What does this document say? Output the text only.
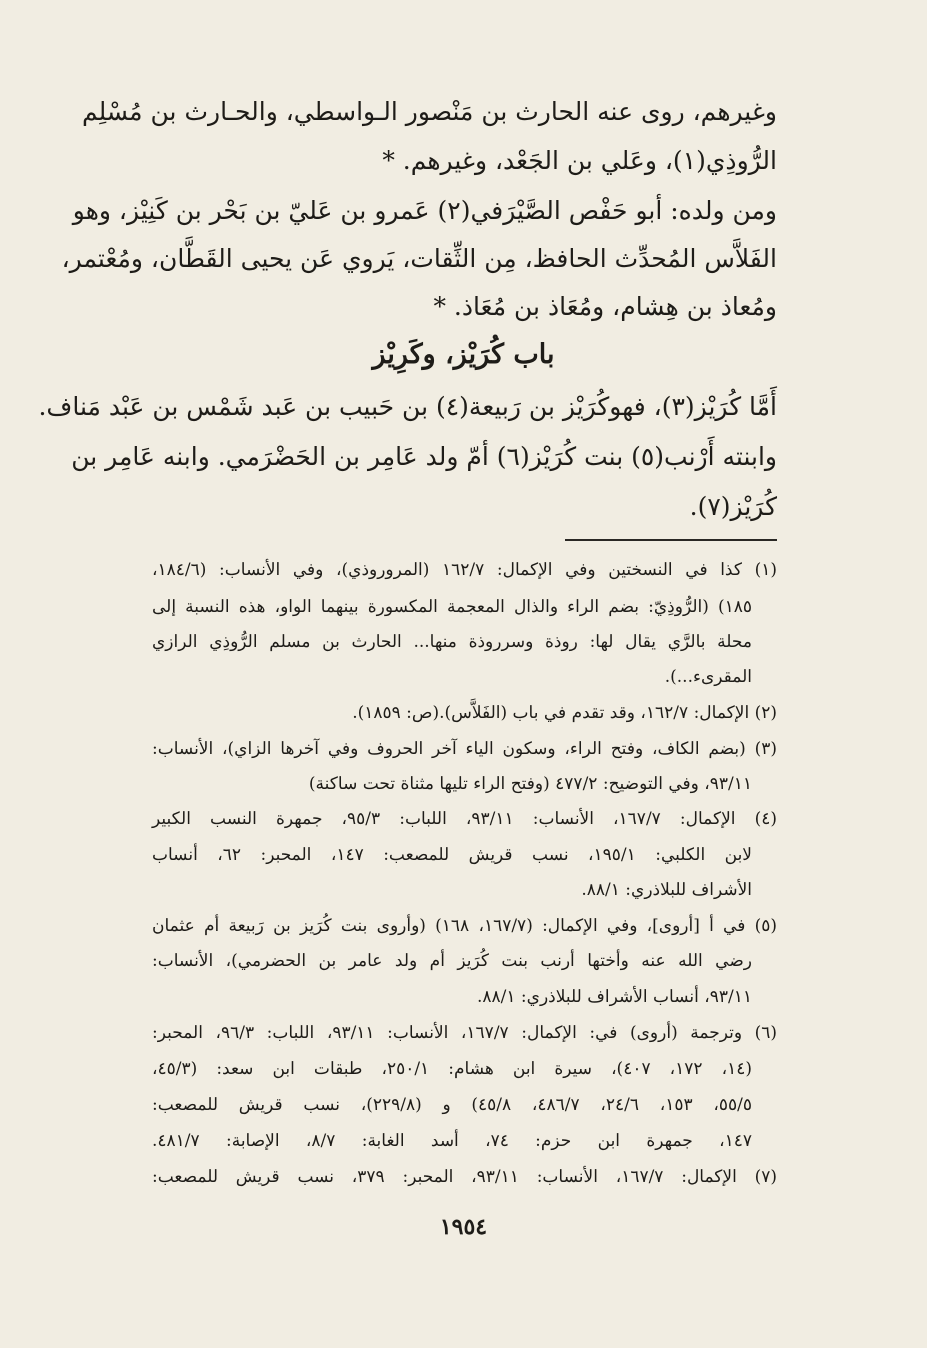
وغيرهم، روى عنه الحارث بن مَنْصور الـواسطي، والحـارث بن مُسْلِم
الرُّوذِي(١)، وعَلي بن الجَعْد، وغيرهم. *
ومن ولده: أبو حَفْص الصَّيْرَفي(٢) عَمرو بن عَليّ بن بَحْر بن كَنِيْز، وهو
الفَلاَّس المُحدِّث الحافظ، مِن الثِّقات، يَروي عَن يحيى القَطَّان، ومُعْتمر،
ومُعاذ بن هِشام، ومُعَاذ بن مُعَاذ. *
باب كُرَيْز، وكَرِيْز
أَمَّا كُرَيْز(٣)، فهوكُرَيْز بن رَبيعة(٤) بن حَبيب بن عَبد شَمْس بن عَبْد مَناف.
وابنته أَرْنب(٥) بنت كُرَيْز(٦) أمّ ولد عَامِر بن الحَضْرَمي. وابنه عَامِر بن
كُرَيْز(٧).
(١) كذا في النسختين وفي الإكمال: ١٦٢/٧ (المروروذي)، وفي الأنساب: (١٨٤/٦،
١٨٥) (الرُّوذِيّ: بضم الراء والذال المعجمة المكسورة بينهما الواو، هذه النسبة إلى
محلة بالرَّي يقال لها: روذة وسرروذة منها... الحارث بن مسلم الرُّوذِي الرازي
المقرىء...).
(٢) الإكمال: ١٦٢/٧، وقد تقدم في باب (الفَلاَّس).(ص: ١٨٥٩).
(٣) (بضم الكاف، وفتح الراء، وسكون الياء آخر الحروف وفي آخرها الزاي)، الأنساب:
٩٣/١١، وفي التوضيح: ٤٧٧/٢ (وفتح الراء تليها مثناة تحت ساكنة)
(٤) الإكمال: ١٦٧/٧، الأنساب: ٩٣/١١، اللباب: ٩٥/٣، جمهرة النسب الكبير
لابن الكلبي: ١٩٥/١، نسب قريش للمصعب: ١٤٧، المحبر: ٦٢، أنساب
الأشراف للبلاذري: ٨٨/١.
(٥) في أ [أروى]، وفي الإكمال: (١٦٧/٧، ١٦٨) (وأروى بنت كُرَيز بن رَبيعة أم عثمان
رضي الله عنه وأختها أرنب بنت كُرَيز أم ولد عامر بن الحضرمي)، الأنساب:
٩٣/١١، أنساب الأشراف للبلاذري: ٨٨/١.
(٦) وترجمة (أروى) في: الإكمال: ١٦٧/٧، الأنساب: ٩٣/١١، اللباب: ٩٦/٣، المحبر:
(١٤، ١٧٢، ٤٠٧)، سيرة ابن هشام: ٢٥٠/١، طبقات ابن سعد: (٤٥/٣،
٥٥/٥، ١٥٣، ٢٤/٦، ٤٨٦/٧، ٤٥/٨) و (٢٢٩/٨)، نسب قريش للمصعب:
١٤٧، جمهرة ابن حزم: ٧٤، أسد الغابة: ٨/٧، الإصابة: ٤٨١/٧.
(٧) الإكمال: ١٦٧/٧، الأنساب: ٩٣/١١، المحبر: ٣٧٩، نسب قريش للمصعب:
١٩٥٤
